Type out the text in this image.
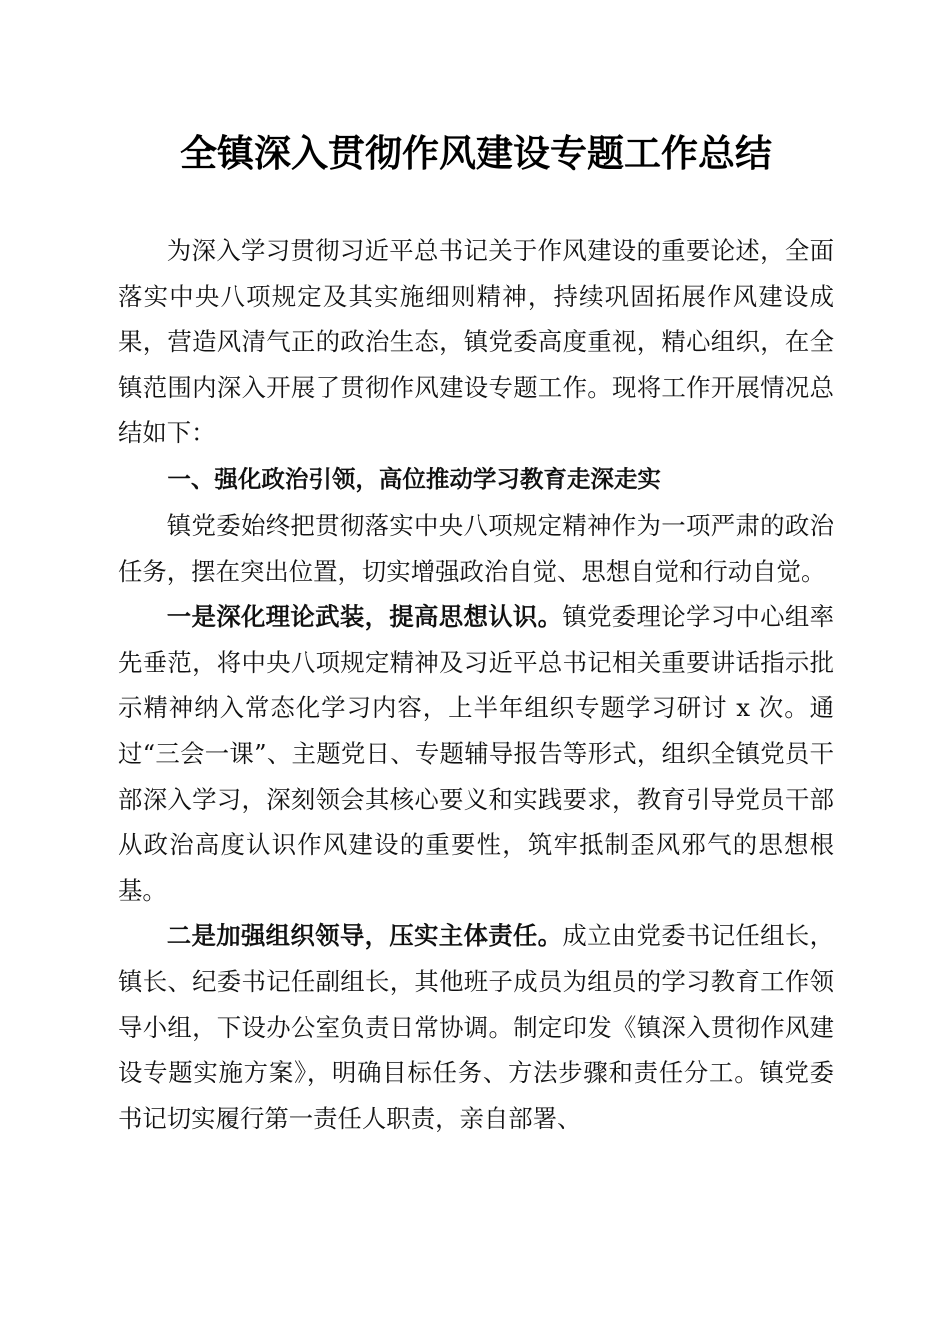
全镇深入贯彻作风建设专题工作总结

为深入学习贯彻习近平总书记关于作风建设的重要论述，全面落实中央八项规定及其实施细则精神，持续巩固拓展作风建设成果，营造风清气正的政治生态，镇党委高度重视，精心组织，在全镇范围内深入开展了贯彻作风建设专题工作。现将工作开展情况总结如下：

一、强化政治引领，高位推动学习教育走深走实

镇党委始终把贯彻落实中央八项规定精神作为一项严肃的政治任务，摆在突出位置，切实增强政治自觉、思想自觉和行动自觉。

一是深化理论武装，提高思想认识。镇党委理论学习中心组率先垂范，将中央八项规定精神及习近平总书记相关重要讲话指示批示精神纳入常态化学习内容，上半年组织专题学习研讨 x 次。通过“三会一课”、主题党日、专题辅导报告等形式，组织全镇党员干部深入学习，深刻领会其核心要义和实践要求，教育引导党员干部从政治高度认识作风建设的重要性，筑牢抵制歪风邪气的思想根基。

二是加强组织领导，压实主体责任。成立由党委书记任组长，镇长、纪委书记任副组长，其他班子成员为组员的学习教育工作领导小组，下设办公室负责日常协调。制定印发《镇深入贯彻作风建设专题实施方案》，明确目标任务、方法步骤和责任分工。镇党委书记切实履行第一责任人职责，亲自部署、
